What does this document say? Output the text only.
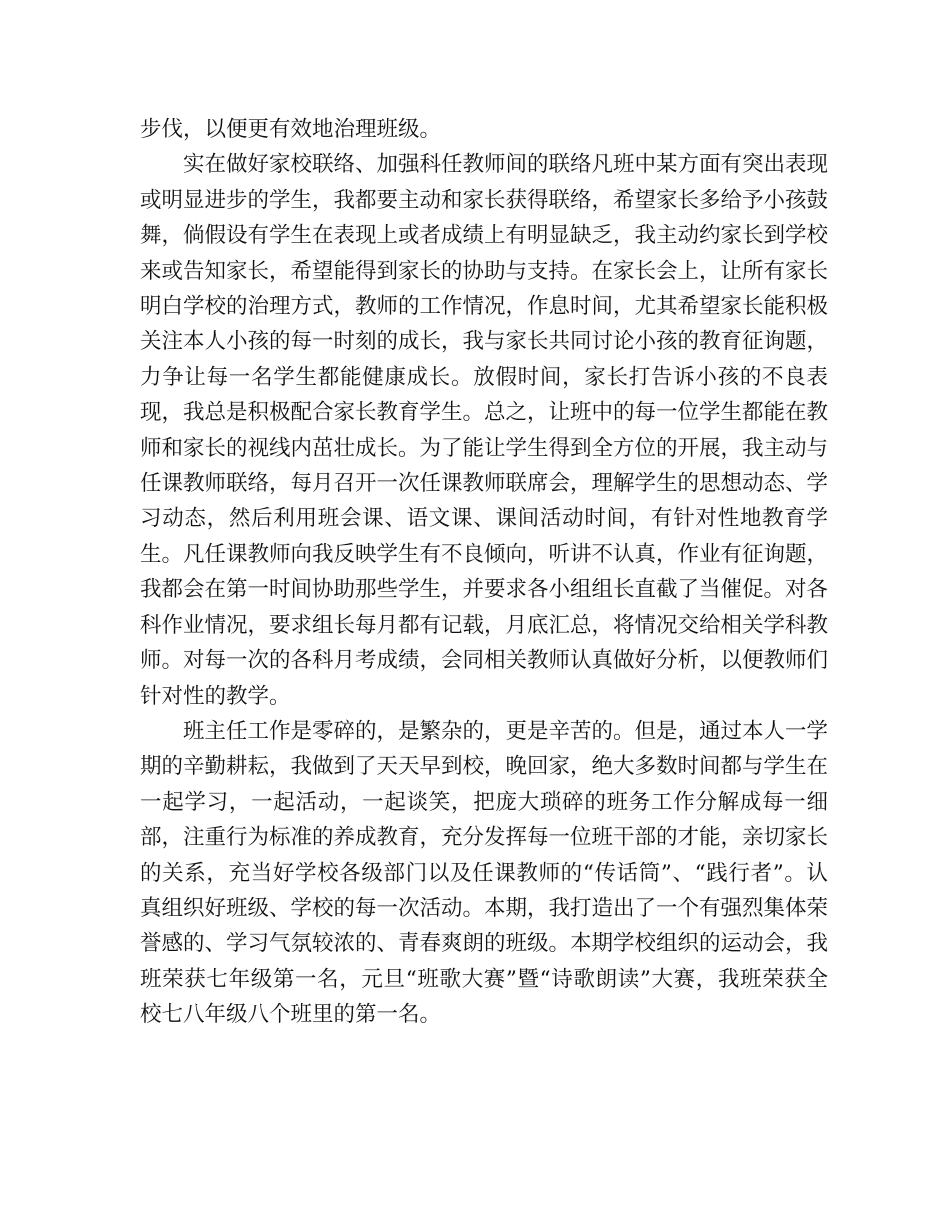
步伐，以便更有效地治理班级。

实在做好家校联络、加强科任教师间的联络凡班中某方面有突出表现或明显进步的学生，我都要主动和家长获得联络，希望家长多给予小孩鼓舞，倘假设有学生在表现上或者成绩上有明显缺乏，我主动约家长到学校来或告知家长，希望能得到家长的协助与支持。在家长会上，让所有家长明白学校的治理方式，教师的工作情况，作息时间，尤其希望家长能积极关注本人小孩的每一时刻的成长，我与家长共同讨论小孩的教育征询题，力争让每一名学生都能健康成长。放假时间，家长打告诉小孩的不良表现，我总是积极配合家长教育学生。总之，让班中的每一位学生都能在教师和家长的视线内茁壮成长。为了能让学生得到全方位的开展，我主动与任课教师联络，每月召开一次任课教师联席会，理解学生的思想动态、学习动态，然后利用班会课、语文课、课间活动时间，有针对性地教育学生。凡任课教师向我反映学生有不良倾向，听讲不认真，作业有征询题，我都会在第一时间协助那些学生，并要求各小组组长直截了当催促。对各科作业情况，要求组长每月都有记载，月底汇总，将情况交给相关学科教师。对每一次的各科月考成绩，会同相关教师认真做好分析，以便教师们针对性的教学。

班主任工作是零碎的，是繁杂的，更是辛苦的。但是，通过本人一学期的辛勤耕耘，我做到了天天早到校，晚回家，绝大多数时间都与学生在一起学习，一起活动，一起谈笑，把庞大琐碎的班务工作分解成每一细部，注重行为标准的养成教育，充分发挥每一位班干部的才能，亲切家长的关系，充当好学校各级部门以及任课教师的“传话筒”、“践行者”。认真组织好班级、学校的每一次活动。本期，我打造出了一个有强烈集体荣誉感的、学习气氛较浓的、青春爽朗的班级。本期学校组织的运动会，我班荣获七年级第一名，元旦“班歌大赛”暨“诗歌朗读”大赛，我班荣获全校七八年级八个班里的第一名。
